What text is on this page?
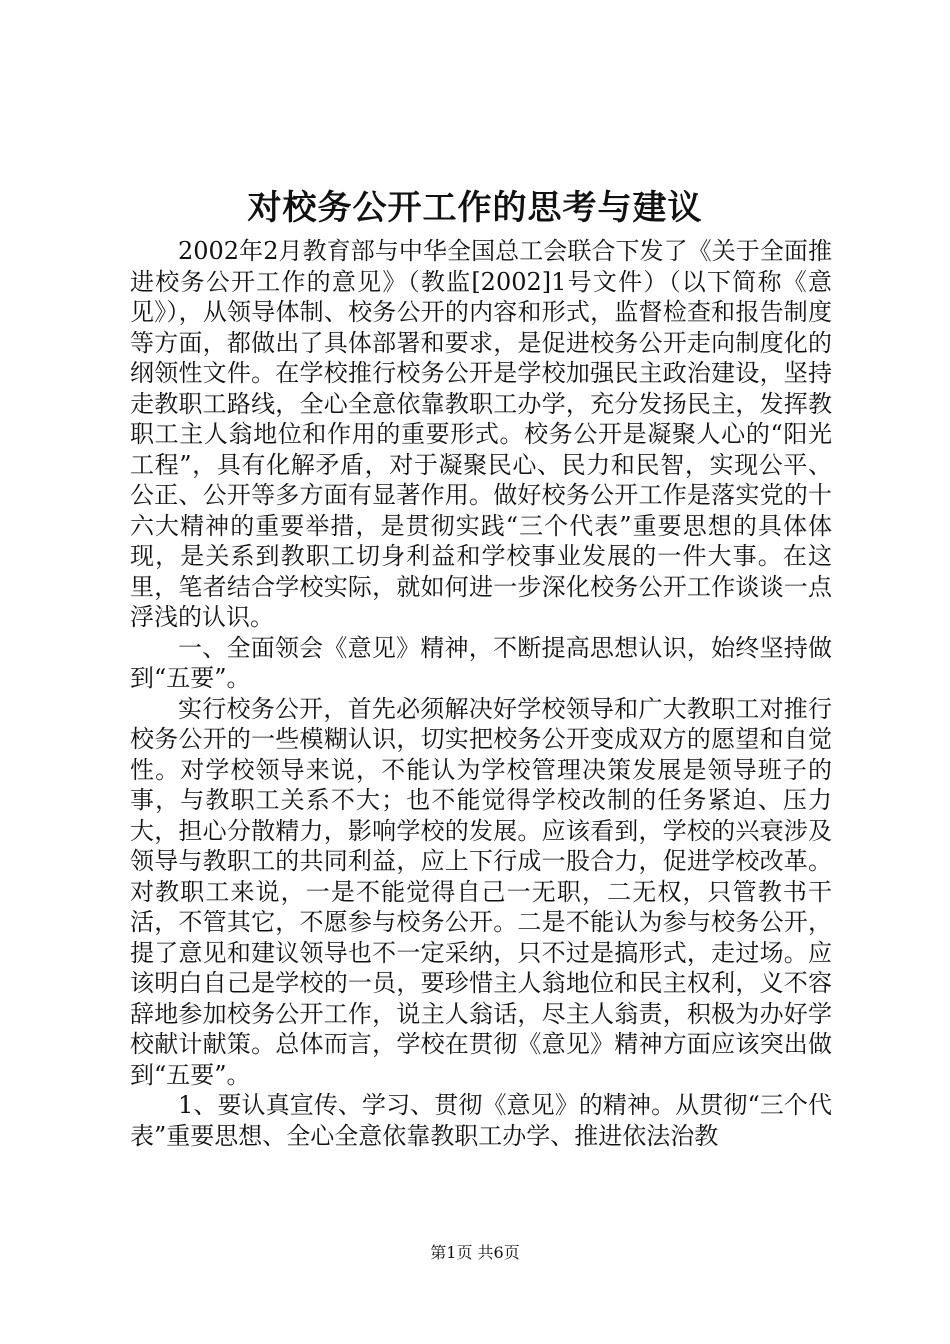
对校务公开工作的思考与建议

2002年2月教育部与中华全国总工会联合下发了《关于全面推进校务公开工作的意见》（教监[2002]1号文件）（以下简称《意见》），从领导体制、校务公开的内容和形式，监督检查和报告制度等方面，都做出了具体部署和要求，是促进校务公开走向制度化的纲领性文件。在学校推行校务公开是学校加强民主政治建设，坚持走教职工路线，全心全意依靠教职工办学，充分发扬民主，发挥教职工主人翁地位和作用的重要形式。校务公开是凝聚人心的“阳光工程”，具有化解矛盾，对于凝聚民心、民力和民智，实现公平、公正、公开等多方面有显著作用。做好校务公开工作是落实党的十六大精神的重要举措，是贯彻实践“三个代表”重要思想的具体体现，是关系到教职工切身利益和学校事业发展的一件大事。在这里，笔者结合学校实际，就如何进一步深化校务公开工作谈谈一点浮浅的认识。

一、全面领会《意见》精神，不断提高思想认识，始终坚持做到“五要”。

实行校务公开，首先必须解决好学校领导和广大教职工对推行校务公开的一些模糊认识，切实把校务公开变成双方的愿望和自觉性。对学校领导来说，不能认为学校管理决策发展是领导班子的事，与教职工关系不大；也不能觉得学校改制的任务紧迫、压力大，担心分散精力，影响学校的发展。应该看到，学校的兴衰涉及领导与教职工的共同利益，应上下行成一股合力，促进学校改革。对教职工来说，一是不能觉得自己一无职，二无权，只管教书干活，不管其它，不愿参与校务公开。二是不能认为参与校务公开，提了意见和建议领导也不一定采纳，只不过是搞形式，走过场。应该明白自己是学校的一员，要珍惜主人翁地位和民主权利，义不容辞地参加校务公开工作，说主人翁话，尽主人翁责，积极为办好学校献计献策。总体而言，学校在贯彻《意见》精神方面应该突出做到“五要”。

1、要认真宣传、学习、贯彻《意见》的精神。从贯彻“三个代表”重要思想、全心全意依靠教职工办学、推进依法治教

第1页 共6页
